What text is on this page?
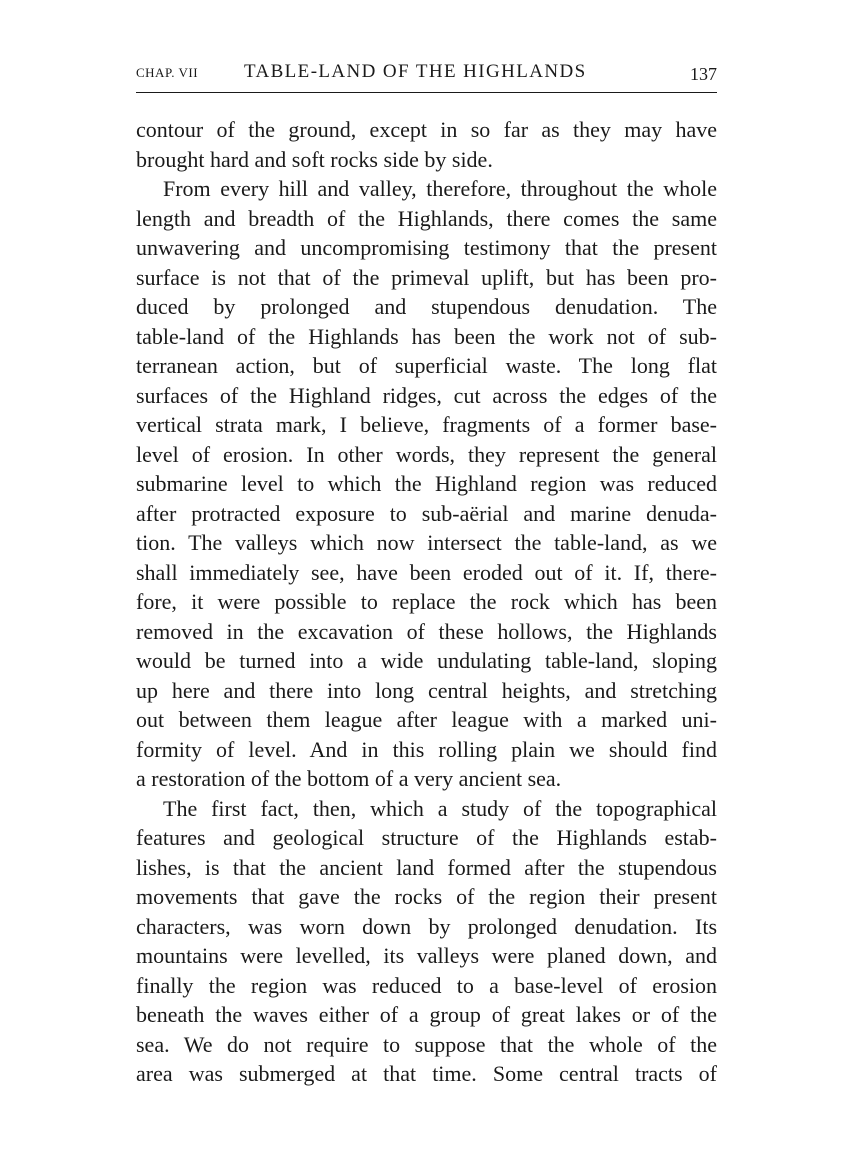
CHAP. VII TABLE-LAND OF THE HIGHLANDS	137
contour of the ground, except in so far as they may have
brought hard and soft rocks side by side.
From every hill and valley, therefore, throughout the whole
length and breadth of the Highlands, there comes the same
unwavering and uncompromising testimony that the present
surface is not that of the primeval uplift, but has been pro-
duced by prolonged and stupendous denudation. The
table-land of the Highlands has been the work not of sub-
terranean action, but of superficial waste. The long flat
surfaces of the Highland ridges, cut across the edges of the
vertical strata mark, I believe, fragments of a former base-
level of erosion. In other words, they represent the general
submarine level to which the Highland region was reduced
after protracted exposure to sub-aërial and marine denuda-
tion. The valleys which now intersect the table-land, as we
shall immediately see, have been eroded out of it. If, there-
fore, it were possible to replace the rock which has been
removed in the excavation of these hollows, the Highlands
would be turned into a wide undulating table-land, sloping
up here and there into long central heights, and stretching
out between them league after league with a marked uni-
formity of level. And in this rolling plain we should find
a restoration of the bottom of a very ancient sea.
The first fact, then, which a study of the topographical
features and geological structure of the Highlands estab-
lishes, is that the ancient land formed after the stupendous
movements that gave the rocks of the region their present
characters, was worn down by prolonged denudation. Its
mountains were levelled, its valleys were planed down, and
finally the region was reduced to a base-level of erosion
beneath the waves either of a group of great lakes or of the
sea. We do not require to suppose that the whole of the
area was submerged at that time. Some central tracts of
